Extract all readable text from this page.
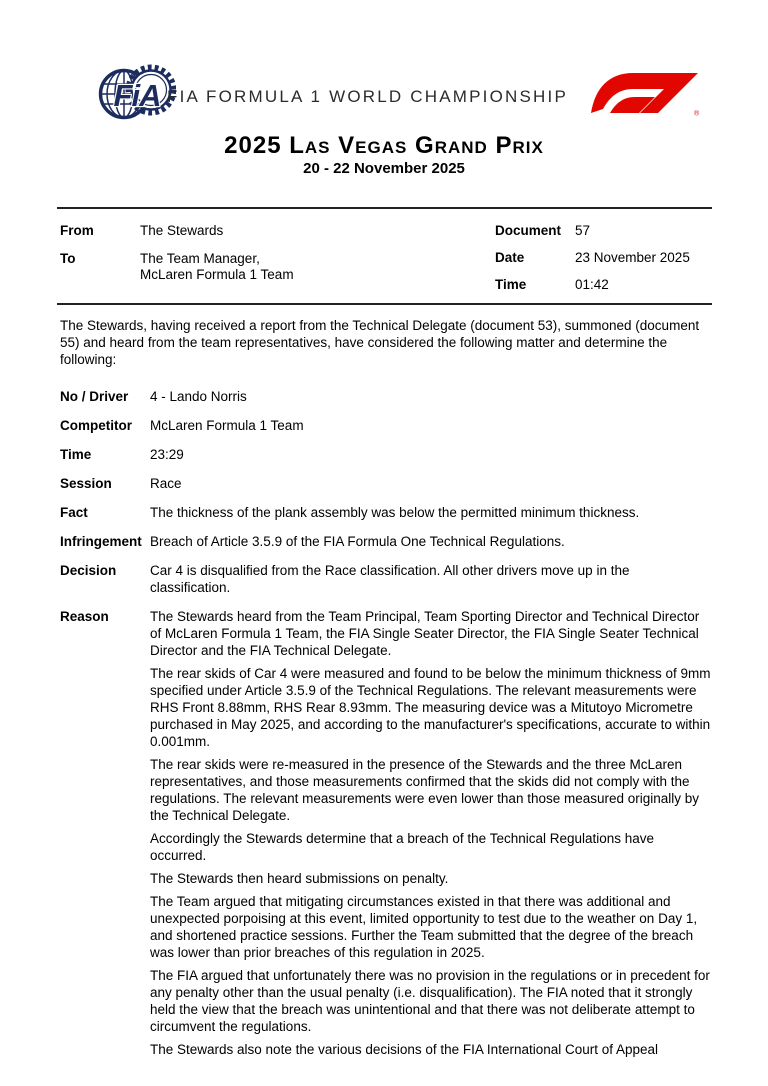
FiA FIA FORMULA 1 WORLD CHAMPIONSHIP
®
2025 Las Vegas Grand Prix
20 - 22 November 2025
From	The Stewards
To	The Team Manager,
McLaren Formula 1 Team
Document 57
Date	23 November 2025
Time	01:42
The Stewards, having received a report from the Technical Delegate (document 53), summoned (document 55) and heard from the team representatives, have considered the following matter and determine the following:
No / Driver 4 - Lando Norris
Competitor McLaren Formula 1 Team
Time	23:29
Session	Race
Fact	The thickness of the plank assembly was below the permitted minimum thickness.
Infringement Breach of Article 3.5.9 of the FIA Formula One Technical Regulations.
Decision Car 4 is disqualified from the Race classification. All other drivers move up in the classification.
Reason	The Stewards heard from the Team Principal, Team Sporting Director and Technical Director of McLaren Formula 1 Team, the FIA Single Seater Director, the FIA Single Seater Technical Director and the FIA Technical Delegate.

The rear skids of Car 4 were measured and found to be below the minimum thickness of 9mm specified under Article 3.5.9 of the Technical Regulations. The relevant measurements were RHS Front 8.88mm, RHS Rear 8.93mm. The measuring device was a Mitutoyo Micrometre purchased in May 2025, and according to the manufacturer's specifications, accurate to within 0.001mm.

The rear skids were re-measured in the presence of the Stewards and the three McLaren representatives, and those measurements confirmed that the skids did not comply with the regulations. The relevant measurements were even lower than those measured originally by the Technical Delegate.

Accordingly the Stewards determine that a breach of the Technical Regulations have occurred.

The Stewards then heard submissions on penalty.

The Team argued that mitigating circumstances existed in that there was additional and unexpected porpoising at this event, limited opportunity to test due to the weather on Day 1, and shortened practice sessions. Further the Team submitted that the degree of the breach was lower than prior breaches of this regulation in 2025.

The FIA argued that unfortunately there was no provision in the regulations or in precedent for any penalty other than the usual penalty (i.e. disqualification). The FIA noted that it strongly held the view that the breach was unintentional and that there was not deliberate attempt to circumvent the regulations.

The Stewards also note the various decisions of the FIA International Court of Appeal
